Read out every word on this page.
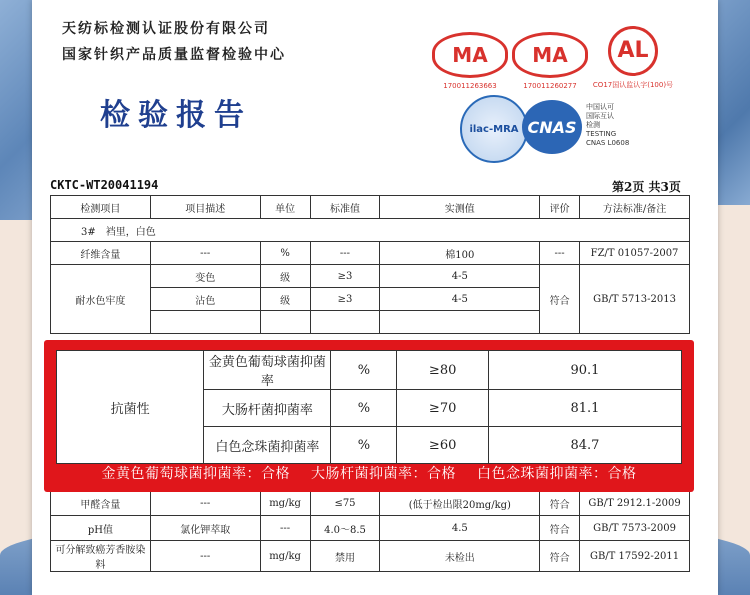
天纺标检测认证股份有限公司
国家针织产品质量监督检验中心
检验报告
MA
170011263663
MA
170011260277
AL
CO17国认监认字(100)号
ilac-MRA CNAS
中国认可
国际互认
检测
TESTING
CNAS L0608
CKTC-WT20041194	第2页 共3页
检测项目	项目描述	单位	标准值	实测值	评价	方法标准/备注
3#　裆里，白色						
纤维含量	---	%	---	棉100	---	FZ/T 01057-2007
耐水色牢度	变色	级	≥3	4-5	符合	GB/T 5713-2013
	沾色	级	≥3	4-5		

甲醛含量	---	mg/kg	≤75	(低于检出限20mg/kg)	符合	GB/T 2912.1-2009
pH值	氯化钾萃取	---	4.0～8.5	4.5	符合	GB/T 7573-2009
可分解致癌芳香胺染料	---	mg/kg	禁用	未检出	符合	GB/T 17592-2011
抗菌性	金黄色葡萄球菌抑菌率	%	≥80	90.1
	大肠杆菌抑菌率	%	≥70	81.1
	白色念珠菌抑菌率	%	≥60	84.7
金黄色葡萄球菌抑菌率：合格 大肠杆菌抑菌率：合格 白色念珠菌抑菌率：合格
